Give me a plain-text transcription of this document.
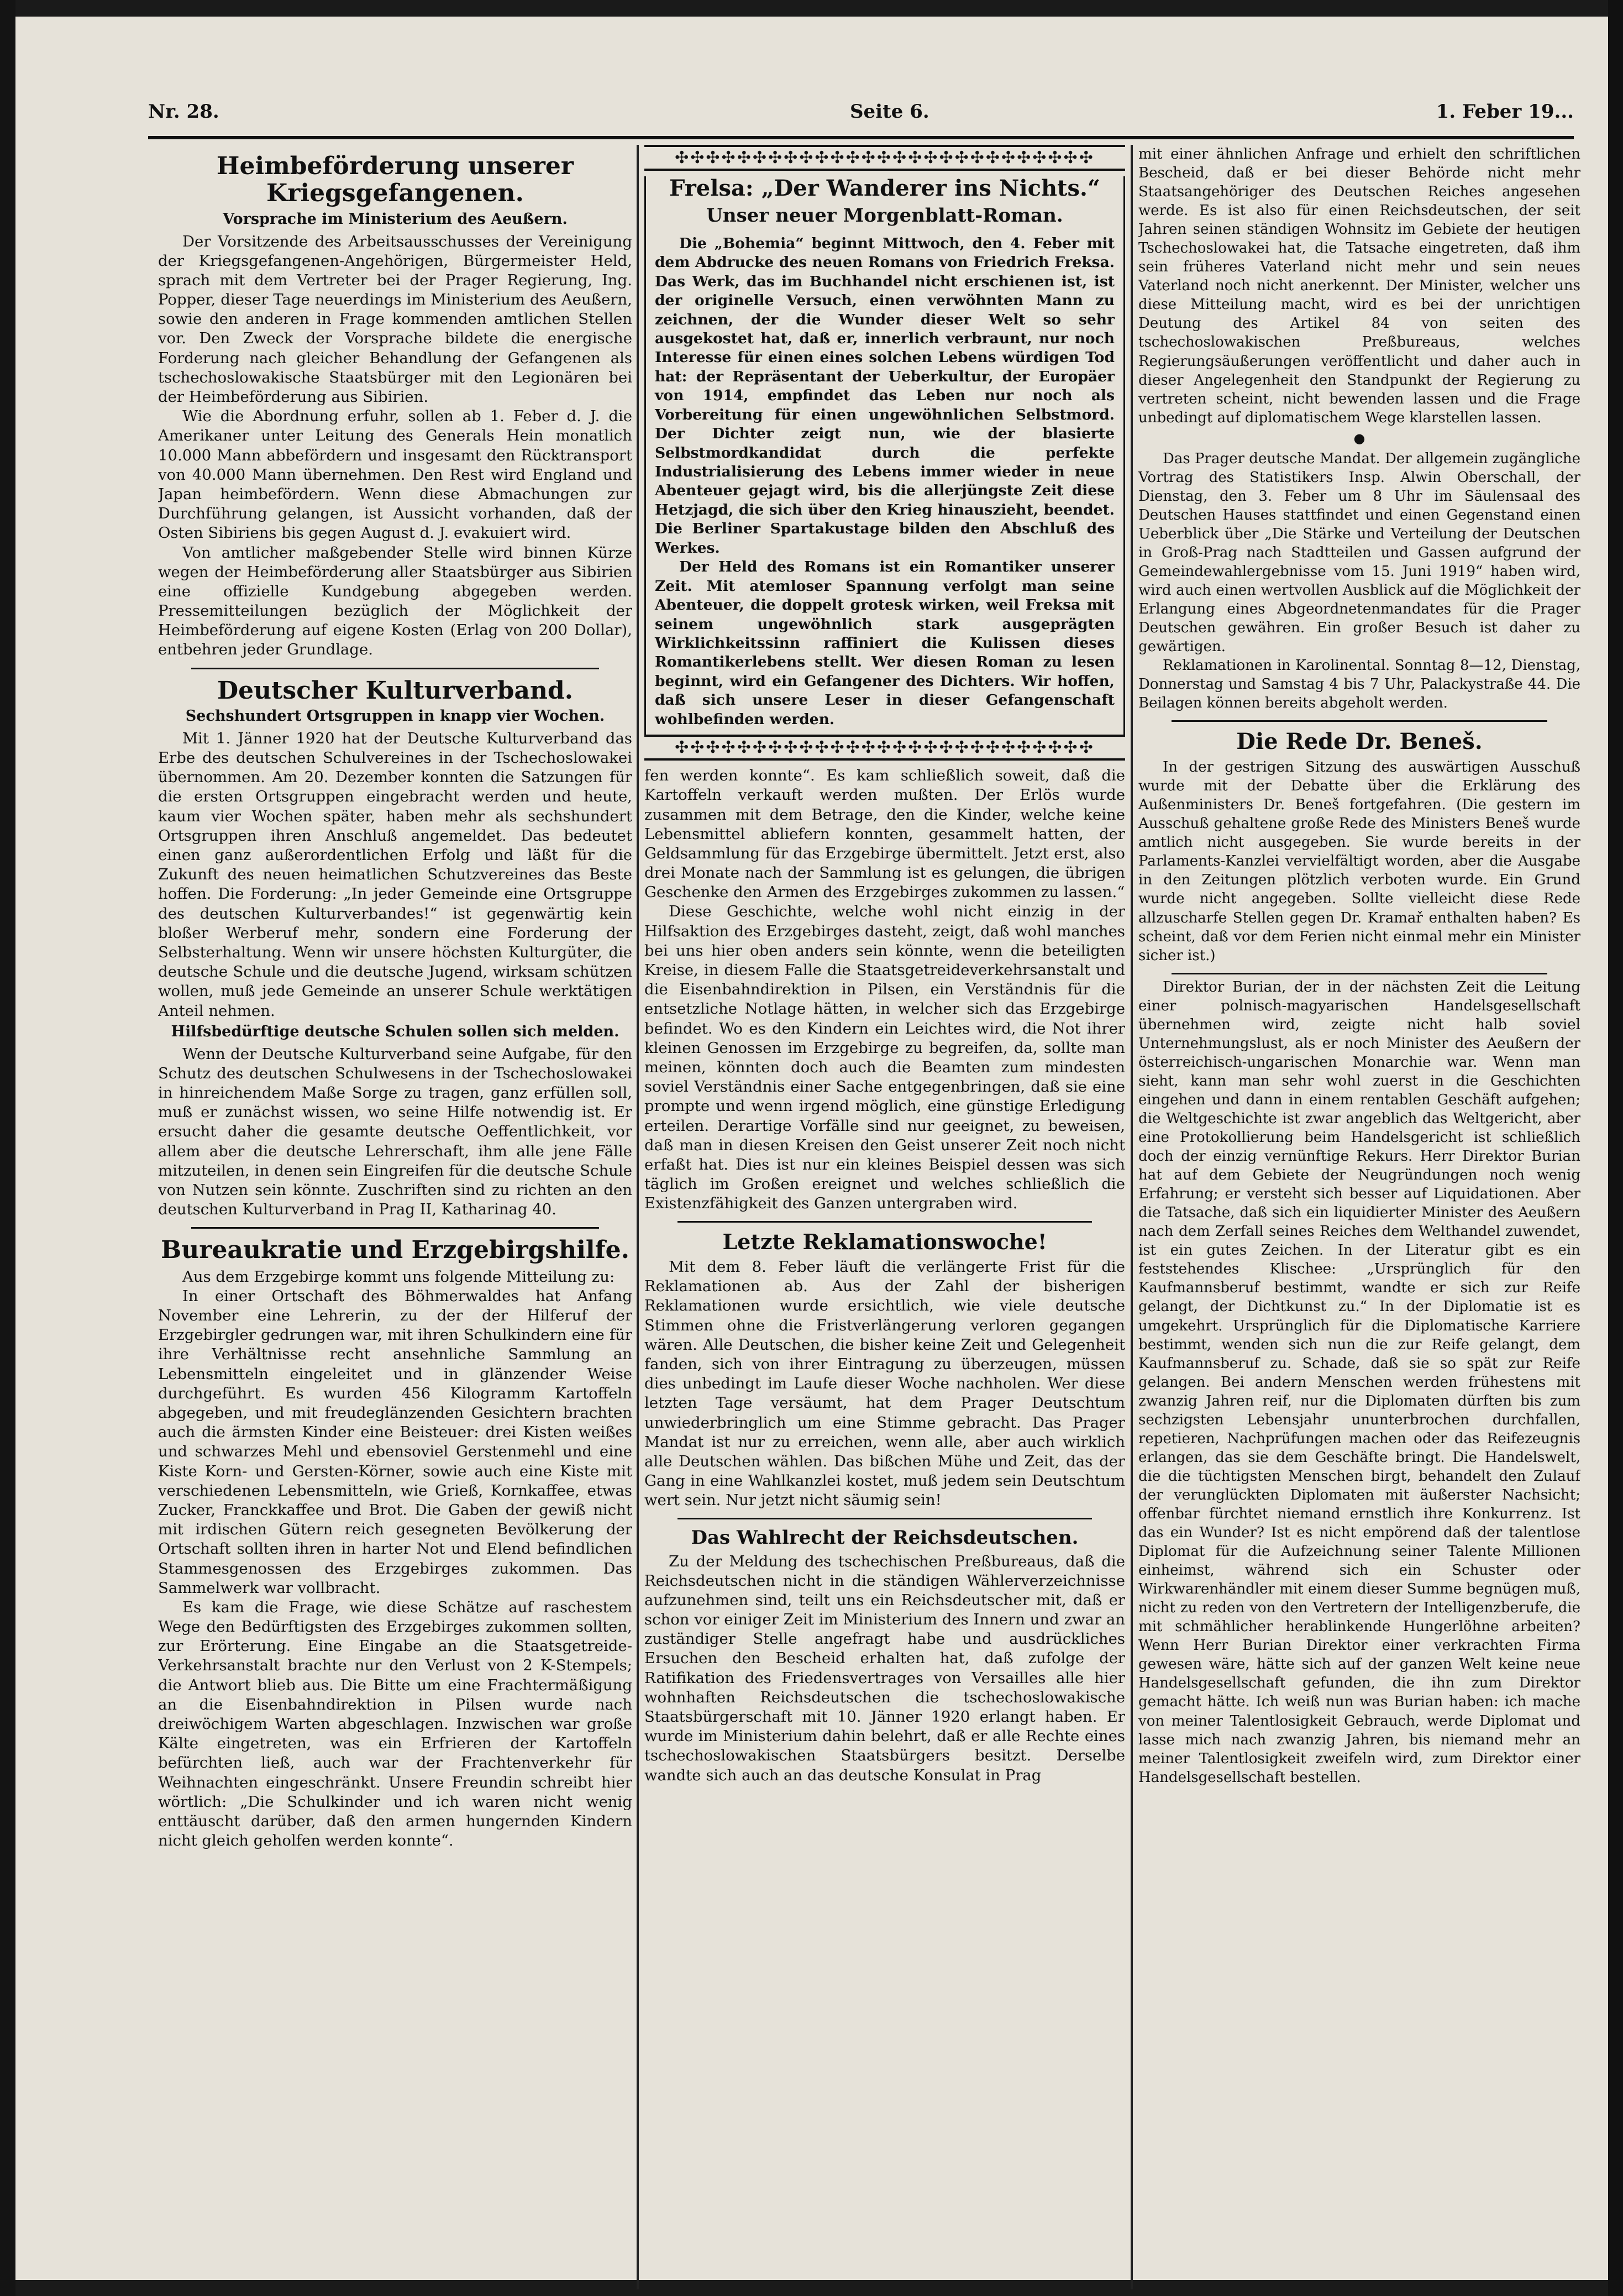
Nr. 28.	Seite 6.	1. Feber 19...
Heimbeförderung unserer Kriegsgefangenen.
Vorsprache im Ministerium des Aeußern.

Der Vorsitzende des Arbeitsausschusses der Vereinigung der Kriegsgefangenen-Angehörigen, Bürgermeister Held, sprach mit dem Vertreter bei der Prager Regierung, Ing. Popper, dieser Tage neuerdings im Ministerium des Aeußern, sowie den anderen in Frage kommenden amtlichen Stellen vor. Den Zweck der Vorsprache bildete die energische Forderung nach gleicher Behandlung der Gefangenen als tschechoslowakische Staatsbürger mit den Legionären bei der Heimbeförderung aus Sibirien.

Wie die Abordnung erfuhr, sollen ab 1. Feber d. J. die Amerikaner unter Leitung des Generals Hein monatlich 10.000 Mann abbefördern und insgesamt den Rücktransport von 40.000 Mann übernehmen. Den Rest wird England und Japan heimbefördern. Wenn diese Abmachungen zur Durchführung gelangen, ist Aussicht vorhanden, daß der Osten Sibiriens bis gegen August d. J. evakuiert wird.

Von amtlicher maßgebender Stelle wird binnen Kürze wegen der Heimbeförderung aller Staatsbürger aus Sibirien eine offizielle Kundgebung abgegeben werden. Pressemitteilungen bezüglich der Möglichkeit der Heimbeförderung auf eigene Kosten (Erlag von 200 Dollar), entbehren jeder Grundlage.

Deutscher Kulturverband.
Sechshundert Ortsgruppen in knapp vier Wochen.

Mit 1. Jänner 1920 hat der Deutsche Kulturverband das Erbe des deutschen Schulvereines in der Tschechoslowakei übernommen. Am 20. Dezember konnten die Satzungen für die ersten Ortsgruppen eingebracht werden und heute, kaum vier Wochen später, haben mehr als sechshundert Ortsgruppen ihren Anschluß angemeldet. Das bedeutet einen ganz außerordentlichen Erfolg und läßt für die Zukunft des neuen heimatlichen Schutzvereines das Beste hoffen. Die Forderung: „In jeder Gemeinde eine Ortsgruppe des deutschen Kulturverbandes!“ ist gegenwärtig kein bloßer Werberuf mehr, sondern eine Forderung der Selbsterhaltung. Wenn wir unsere höchsten Kulturgüter, die deutsche Schule und die deutsche Jugend, wirksam schützen wollen, muß jede Gemeinde an unserer Schule werktätigen Anteil nehmen.

Hilfsbedürftige deutsche Schulen sollen sich melden.

Wenn der Deutsche Kulturverband seine Aufgabe, für den Schutz des deutschen Schulwesens in der Tschechoslowakei in hinreichendem Maße Sorge zu tragen, ganz erfüllen soll, muß er zunächst wissen, wo seine Hilfe notwendig ist. Er ersucht daher die gesamte deutsche Oeffentlichkeit, vor allem aber die deutsche Lehrerschaft, ihm alle jene Fälle mitzuteilen, in denen sein Eingreifen für die deutsche Schule von Nutzen sein könnte. Zuschriften sind zu richten an den deutschen Kulturverband in Prag II, Katharinag 40.

Bureaukratie und Erzgebirgshilfe.

Aus dem Erzgebirge kommt uns folgende Mitteilung zu:

In einer Ortschaft des Böhmerwaldes hat Anfang November eine Lehrerin, zu der der Hilferuf der Erzgebirgler gedrungen war, mit ihren Schulkindern eine für ihre Verhältnisse recht ansehnliche Sammlung an Lebensmitteln eingeleitet und in glänzender Weise durchgeführt. Es wurden 456 Kilogramm Kartoffeln abgegeben, und mit freudeglänzenden Gesichtern brachten auch die ärmsten Kinder eine Beisteuer: drei Kisten weißes und schwarzes Mehl und ebensoviel Gerstenmehl und eine Kiste Korn- und Gersten-Körner, sowie auch eine Kiste mit verschiedenen Lebensmitteln, wie Grieß, Kornkaffee, etwas Zucker, Franckkaffee und Brot. Die Gaben der gewiß nicht mit irdischen Gütern reich gesegneten Bevölkerung der Ortschaft sollten ihren in harter Not und Elend befindlichen Stammesgenossen des Erzgebirges zukommen. Das Sammelwerk war vollbracht.

Es kam die Frage, wie diese Schätze auf raschestem Wege den Bedürftigsten des Erzgebirges zukommen sollten, zur Erörterung. Eine Eingabe an die Staatsgetreide-Verkehrsanstalt brachte nur den Verlust von 2 K-Stempels; die Antwort blieb aus. Die Bitte um eine Frachtermäßigung an die Eisenbahndirektion in Pilsen wurde nach dreiwöchigem Warten abgeschlagen. Inzwischen war große Kälte eingetreten, was ein Erfrieren der Kartoffeln befürchten ließ, auch war der Frachtenverkehr für Weihnachten eingeschränkt. Unsere Freundin schreibt hier wörtlich: „Die Schulkinder und ich waren nicht wenig enttäuscht darüber, daß den armen hungernden Kindern nicht gleich geholfen werden konnte“.

✣✣✣✣✣✣✣✣✣✣✣✣✣✣✣✣✣✣✣✣✣✣✣✣✣✣✣
Frelsa: „Der Wanderer ins Nichts.“
Unser neuer Morgenblatt-Roman.

Die „Bohemia“ beginnt Mittwoch, den 4. Feber mit dem Abdrucke des neuen Romans von Friedrich Freksa. Das Werk, das im Buchhandel nicht erschienen ist, ist der originelle Versuch, einen verwöhnten Mann zu zeichnen, der die Wunder dieser Welt so sehr ausgekostet hat, daß er, innerlich verbraunt, nur noch Interesse für einen eines solchen Lebens würdigen Tod hat: der Repräsentant der Ueberkultur, der Europäer von 1914, empfindet das Leben nur noch als Vorbereitung für einen ungewöhnlichen Selbstmord. Der Dichter zeigt nun, wie der blasierte Selbstmordkandidat durch die perfekte Industrialisierung des Lebens immer wieder in neue Abenteuer gejagt wird, bis die allerjüngste Zeit diese Hetzjagd, die sich über den Krieg hinauszieht, beendet. Die Berliner Spartakustage bilden den Abschluß des Werkes.

Der Held des Romans ist ein Romantiker unserer Zeit. Mit atemloser Spannung verfolgt man seine Abenteuer, die doppelt grotesk wirken, weil Freksa mit seinem ungewöhnlich stark ausgeprägten Wirklichkeitssinn raffiniert die Kulissen dieses Romantikerlebens stellt. Wer diesen Roman zu lesen beginnt, wird ein Gefangener des Dichters. Wir hoffen, daß sich unsere Leser in dieser Gefangenschaft wohlbefinden werden.

✣✣✣✣✣✣✣✣✣✣✣✣✣✣✣✣✣✣✣✣✣✣✣✣✣✣✣

fen werden konnte“. Es kam schließlich soweit, daß die Kartoffeln verkauft werden mußten. Der Erlös wurde zusammen mit dem Betrage, den die Kinder, welche keine Lebensmittel abliefern konnten, gesammelt hatten, der Geldsammlung für das Erzgebirge übermittelt. Jetzt erst, also drei Monate nach der Sammlung ist es gelungen, die übrigen Geschenke den Armen des Erzgebirges zukommen zu lassen.“

Diese Geschichte, welche wohl nicht einzig in der Hilfsaktion des Erzgebirges dasteht, zeigt, daß wohl manches bei uns hier oben anders sein könnte, wenn die beteiligten Kreise, in diesem Falle die Staatsgetreideverkehrsanstalt und die Eisenbahndirektion in Pilsen, ein Verständnis für die entsetzliche Notlage hätten, in welcher sich das Erzgebirge befindet. Wo es den Kindern ein Leichtes wird, die Not ihrer kleinen Genossen im Erzgebirge zu begreifen, da, sollte man meinen, könnten doch auch die Beamten zum mindesten soviel Verständnis einer Sache entgegenbringen, daß sie eine prompte und wenn irgend möglich, eine günstige Erledigung erteilen. Derartige Vorfälle sind nur geeignet, zu beweisen, daß man in diesen Kreisen den Geist unserer Zeit noch nicht erfaßt hat. Dies ist nur ein kleines Beispiel dessen was sich täglich im Großen ereignet und welches schließlich die Existenzfähigkeit des Ganzen untergraben wird.

Letzte Reklamationswoche!

Mit dem 8. Feber läuft die verlängerte Frist für die Reklamationen ab. Aus der Zahl der bisherigen Reklamationen wurde ersichtlich, wie viele deutsche Stimmen ohne die Fristverlängerung verloren gegangen wären. Alle Deutschen, die bisher keine Zeit und Gelegenheit fanden, sich von ihrer Eintragung zu überzeugen, müssen dies unbedingt im Laufe dieser Woche nachholen. Wer diese letzten Tage versäumt, hat dem Prager Deutschtum unwiederbringlich um eine Stimme gebracht. Das Prager Mandat ist nur zu erreichen, wenn alle, aber auch wirklich alle Deutschen wählen. Das bißchen Mühe und Zeit, das der Gang in eine Wahlkanzlei kostet, muß jedem sein Deutschtum wert sein. Nur jetzt nicht säumig sein!

Das Wahlrecht der Reichsdeutschen.

Zu der Meldung des tschechischen Preßbureaus, daß die Reichsdeutschen nicht in die ständigen Wählerverzeichnisse aufzunehmen sind, teilt uns ein Reichsdeutscher mit, daß er schon vor einiger Zeit im Ministerium des Innern und zwar an zuständiger Stelle angefragt habe und ausdrückliches Ersuchen den Bescheid erhalten hat, daß zufolge der Ratifikation des Friedensvertrages von Versailles alle hier wohnhaften Reichsdeutschen die tschechoslowakische Staatsbürgerschaft mit 10. Jänner 1920 erlangt haben. Er wurde im Ministerium dahin belehrt, daß er alle Rechte eines tschechoslowakischen Staatsbürgers besitzt. Derselbe wandte sich auch an das deutsche Konsulat in Prag

mit einer ähnlichen Anfrage und erhielt den schriftlichen Bescheid, daß er bei dieser Behörde nicht mehr Staatsangehöriger des Deutschen Reiches angesehen werde. Es ist also für einen Reichsdeutschen, der seit Jahren seinen ständigen Wohnsitz im Gebiete der heutigen Tschechoslowakei hat, die Tatsache eingetreten, daß ihm sein früheres Vaterland nicht mehr und sein neues Vaterland noch nicht anerkennt. Der Minister, welcher uns diese Mitteilung macht, wird es bei der unrichtigen Deutung des Artikel 84 von seiten des tschechoslowakischen Preßbureaus, welches Regierungsäußerungen veröffentlicht und daher auch in dieser Angelegenheit den Standpunkt der Regierung zu vertreten scheint, nicht bewenden lassen und die Frage unbedingt auf diplomatischem Wege klarstellen lassen.

●

Das Prager deutsche Mandat. Der allgemein zugängliche Vortrag des Statistikers Insp. Alwin Oberschall, der Dienstag, den 3. Feber um 8 Uhr im Säulensaal des Deutschen Hauses stattfindet und einen Gegenstand einen Ueberblick über „Die Stärke und Verteilung der Deutschen in Groß-Prag nach Stadtteilen und Gassen aufgrund der Gemeindewahlergebnisse vom 15. Juni 1919“ haben wird, wird auch einen wertvollen Ausblick auf die Möglichkeit der Erlangung eines Abgeordnetenmandates für die Prager Deutschen gewähren. Ein großer Besuch ist daher zu gewärtigen.

Reklamationen in Karolinental. Sonntag 8—12, Dienstag, Donnerstag und Samstag 4 bis 7 Uhr, Palackystraße 44. Die Beilagen können bereits abgeholt werden.

Die Rede Dr. Beneš.

In der gestrigen Sitzung des auswärtigen Ausschuß wurde mit der Debatte über die Erklärung des Außenministers Dr. Beneš fortgefahren. (Die gestern im Ausschuß gehaltene große Rede des Ministers Beneš wurde amtlich nicht ausgegeben. Sie wurde bereits in der Parlaments-Kanzlei vervielfältigt worden, aber die Ausgabe in den Zeitungen plötzlich verboten wurde. Ein Grund wurde nicht angegeben. Sollte vielleicht diese Rede allzuscharfe Stellen gegen Dr. Kramař enthalten haben? Es scheint, daß vor dem Ferien nicht einmal mehr ein Minister sicher ist.)

Direktor Burian, der in der nächsten Zeit die Leitung einer polnisch-magyarischen Handelsgesellschaft übernehmen wird, zeigte nicht halb soviel Unternehmungslust, als er noch Minister des Aeußern der österreichisch-ungarischen Monarchie war. Wenn man sieht, kann man sehr wohl zuerst in die Geschichten eingehen und dann in einem rentablen Geschäft aufgehen; die Weltgeschichte ist zwar angeblich das Weltgericht, aber eine Protokollierung beim Handelsgericht ist schließlich doch der einzig vernünftige Rekurs. Herr Direktor Burian hat auf dem Gebiete der Neugründungen noch wenig Erfahrung; er versteht sich besser auf Liquidationen. Aber die Tatsache, daß sich ein liquidierter Minister des Aeußern nach dem Zerfall seines Reiches dem Welthandel zuwendet, ist ein gutes Zeichen. In der Literatur gibt es ein feststehendes Klischee: „Ursprünglich für den Kaufmannsberuf bestimmt, wandte er sich zur Reife gelangt, der Dichtkunst zu.“ In der Diplomatie ist es umgekehrt. Ursprünglich für die Diplomatische Karriere bestimmt, wenden sich nun die zur Reife gelangt, dem Kaufmannsberuf zu. Schade, daß sie so spät zur Reife gelangen. Bei andern Menschen werden frühestens mit zwanzig Jahren reif, nur die Diplomaten dürften bis zum sechzigsten Lebensjahr ununterbrochen durchfallen, repetieren, Nachprüfungen machen oder das Reifezeugnis erlangen, das sie dem Geschäfte bringt. Die Handelswelt, die die tüchtigsten Menschen birgt, behandelt den Zulauf der verunglückten Diplomaten mit äußerster Nachsicht; offenbar fürchtet niemand ernstlich ihre Konkurrenz. Ist das ein Wunder? Ist es nicht empörend daß der talentlose Diplomat für die Aufzeichnung seiner Talente Millionen einheimst, während sich ein Schuster oder Wirkwarenhändler mit einem dieser Summe begnügen muß, nicht zu reden von den Vertretern der Intelligenzberufe, die mit schmählicher herablinkende Hungerlöhne arbeiten? Wenn Herr Burian Direktor einer verkrachten Firma gewesen wäre, hätte sich auf der ganzen Welt keine neue Handelsgesellschaft gefunden, die ihn zum Direktor gemacht hätte. Ich weiß nun was Burian haben: ich mache von meiner Talentlosigkeit Gebrauch, werde Diplomat und lasse mich nach zwanzig Jahren, bis niemand mehr an meiner Talentlosigkeit zweifeln wird, zum Direktor einer Handelsgesellschaft bestellen.
